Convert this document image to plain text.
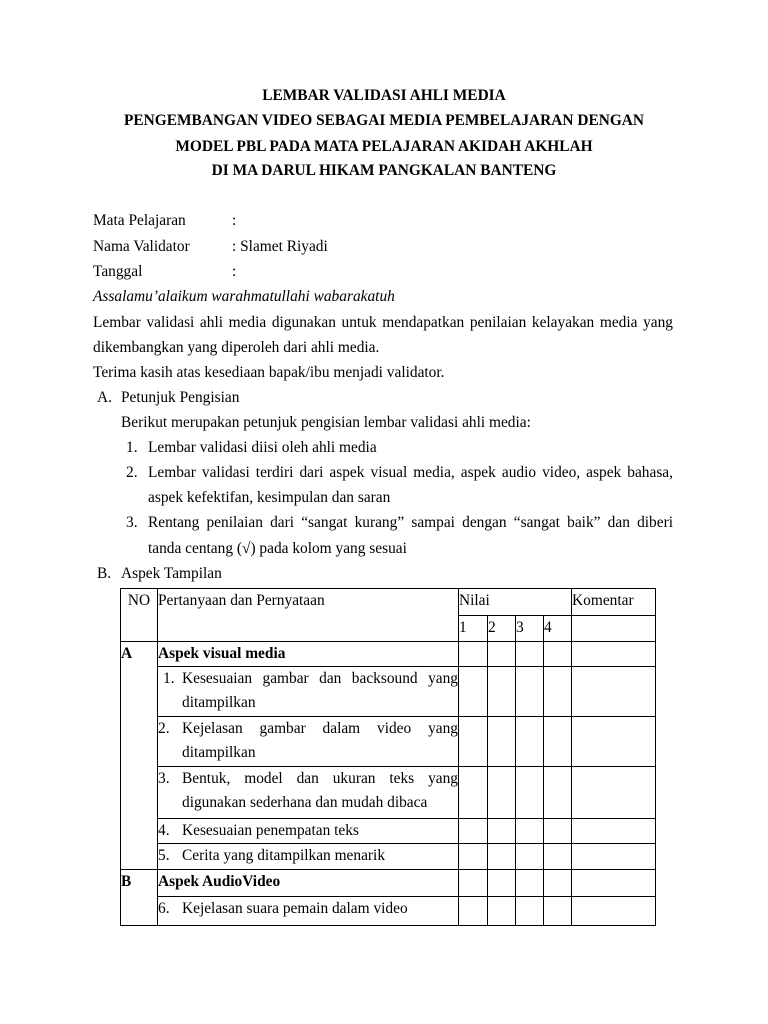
LEMBAR VALIDASI AHLI MEDIA
PENGEMBANGAN VIDEO SEBAGAI MEDIA PEMBELAJARAN DENGAN
MODEL PBL PADA MATA PELAJARAN AKIDAH AKHLAH
DI MA DARUL HIKAM PANGKALAN BANTENG
Mata Pelajaran	:
Nama Validator	: Slamet Riyadi
Tanggal	:
Assalamu’alaikum warahmatullahi wabarakatuh
Lembar validasi ahli media digunakan untuk mendapatkan penilaian kelayakan media yang
dikembangkan yang diperoleh dari ahli media.
Terima kasih atas kesediaan bapak/ibu menjadi validator.
A. Petunjuk Pengisian
Berikut merupakan petunjuk pengisian lembar validasi ahli media:
1. Lembar validasi diisi oleh ahli media
2. Lembar validasi terdiri dari aspek visual media, aspek audio video, aspek bahasa,
aspek kefektifan, kesimpulan dan saran
3. Rentang penilaian dari “sangat kurang” sampai dengan “sangat baik” dan diberi
tanda centang (√) pada kolom yang sesuai
B. Aspek Tampilan
NO	Pertanyaan dan Pernyataan	Nilai				Komentar
		1	2	3	4	
A	Aspek visual media					

	1. Kesesuaian gambar dan backsound yang
ditampilkan					

	2. Kejelasan gambar dalam video yang
ditampilkan					

	3. Bentuk, model dan ukuran teks yang
digunakan sederhana dan mudah dibaca					

	4. Kesesuaian penempatan teks					

	5. Cerita yang ditampilkan menarik					

B	Aspek AudioVideo					

	6. Kejelasan suara pemain dalam video					
